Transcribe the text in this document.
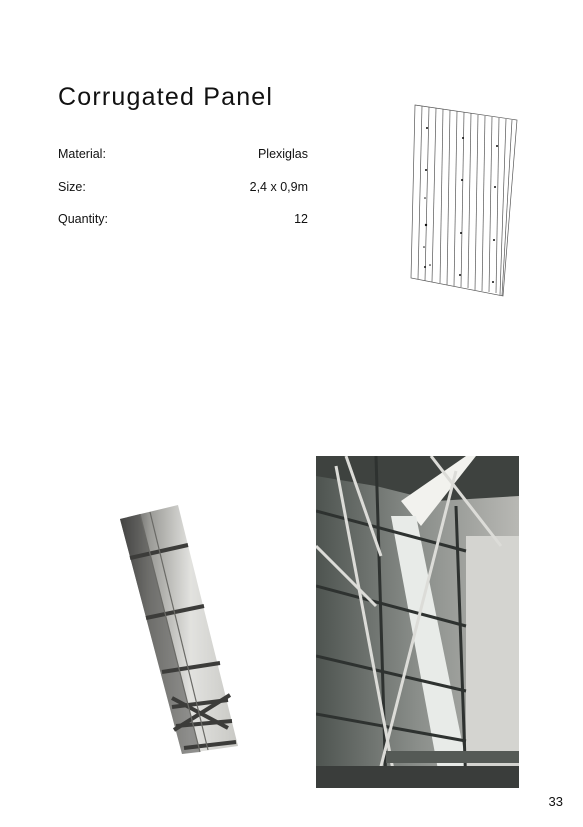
Corrugated Panel
Material:	Plexiglas
Size:	2,4 x 0,9m
Quantity:	12
33
